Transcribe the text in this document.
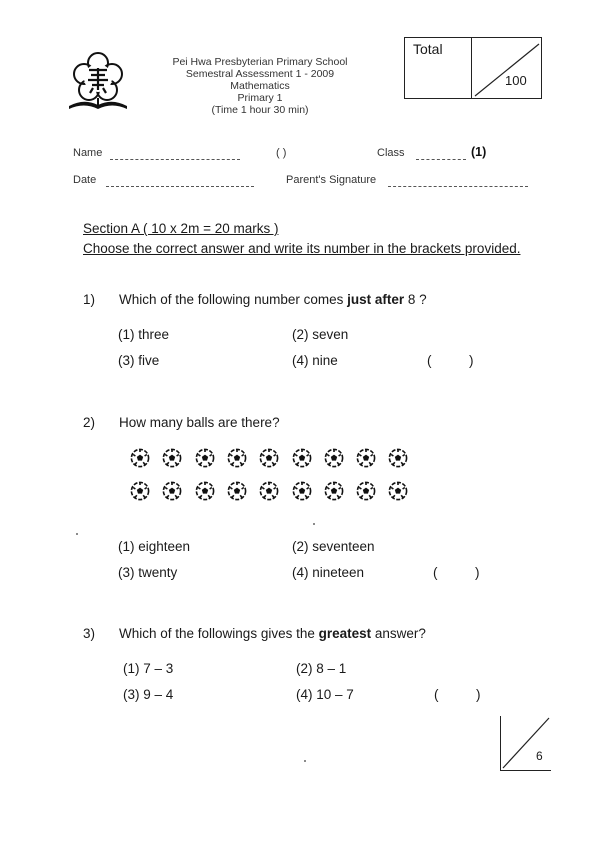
Pei Hwa Presbyterian Primary School
Semestral Assessment 1 - 2009
Mathematics
Primary 1
(Time 1 hour 30 min)
Total
100
Name	( )	Class	(1)
Date	Parent's Signature
Section A ( 10 x 2m = 20 marks )
Choose the correct answer and write its number in the brackets provided.
1) Which of the following number comes just after 8 ?
(1) three	(2) seven
(3) five	(4) nine	(          )
2) How many balls are there?
(1) eighteen	(2) seventeen
(3) twenty	(4) nineteen	(          )
3) Which of the followings gives the greatest answer?
(1) 7 – 3	(2) 8 – 1
(3) 9 – 4	(4) 10 – 7	(          )
6
